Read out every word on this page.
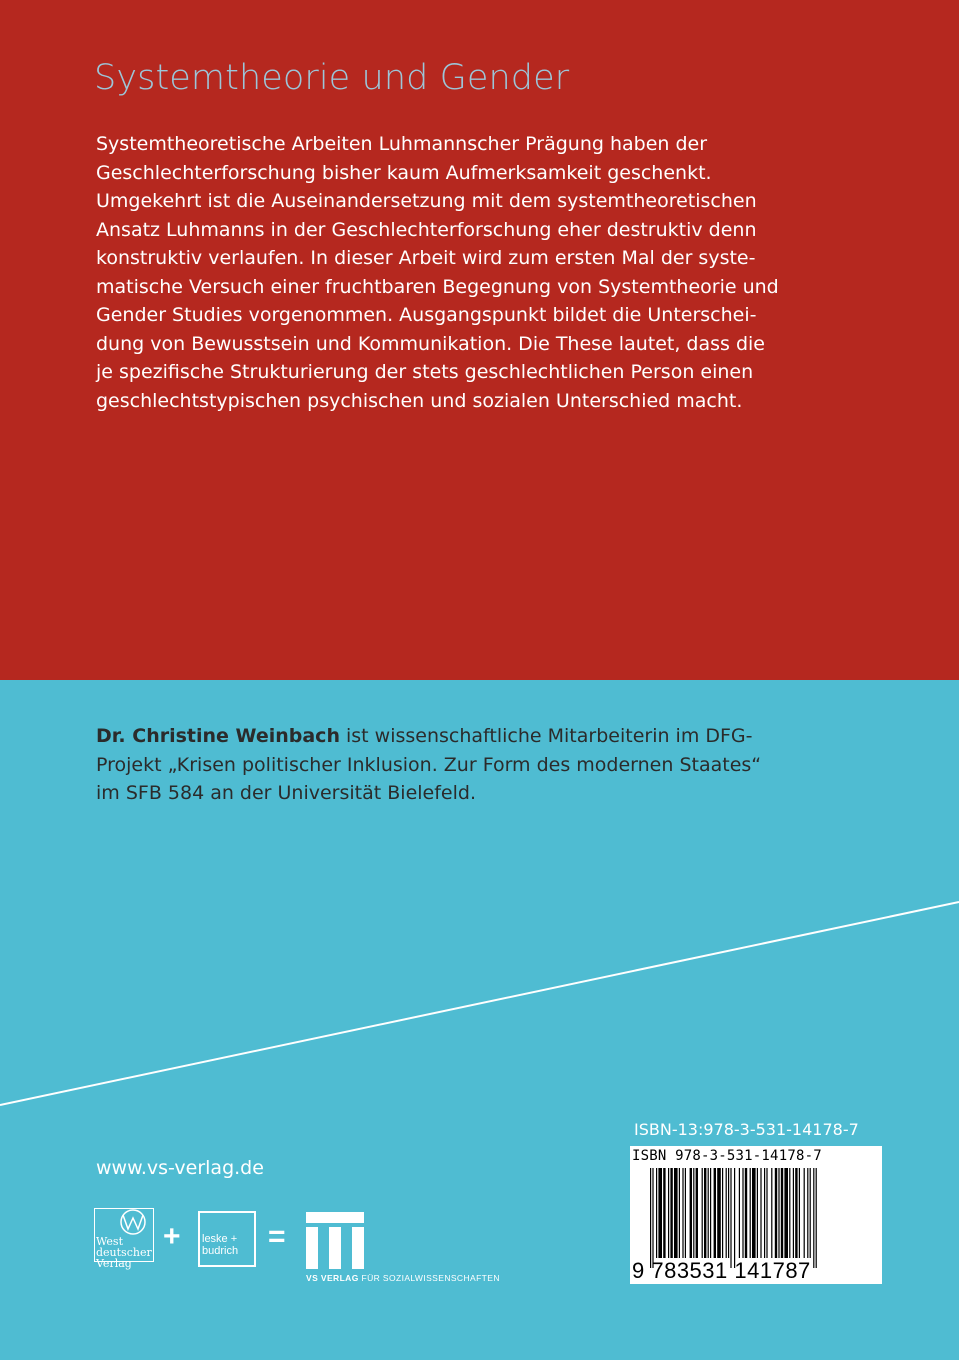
Systemtheorie und Gender

Systemtheoretische Arbeiten Luhmannscher Prägung haben der
Geschlechterforschung bisher kaum Aufmerksamkeit geschenkt.
Umgekehrt ist die Auseinandersetzung mit dem systemtheoretischen
Ansatz Luhmanns in der Geschlechterforschung eher destruktiv denn
konstruktiv verlaufen. In dieser Arbeit wird zum ersten Mal der syste-
matische Versuch einer fruchtbaren Begegnung von Systemtheorie und
Gender Studies vorgenommen. Ausgangspunkt bildet die Unterschei-
dung von Bewusstsein und Kommunikation. Die These lautet, dass die
je spezifische Strukturierung der stets geschlechtlichen Person einen
geschlechtstypischen psychischen und sozialen Unterschied macht.

Dr. Christine Weinbach ist wissenschaftliche Mitarbeiterin im DFG-
Projekt „Krisen politischer Inklusion. Zur Form des modernen Staates“
im SFB 584 an der Universität Bielefeld.

www.vs-verlag.de
ISBN-13:978-3-531-14178-7
ISBN 978-3-531-14178-7
9 783531 141787
West
deutscher
Verlag
+ leske +
budrich =
VS VERLAG FÜR SOZIALWISSENSCHAFTEN
